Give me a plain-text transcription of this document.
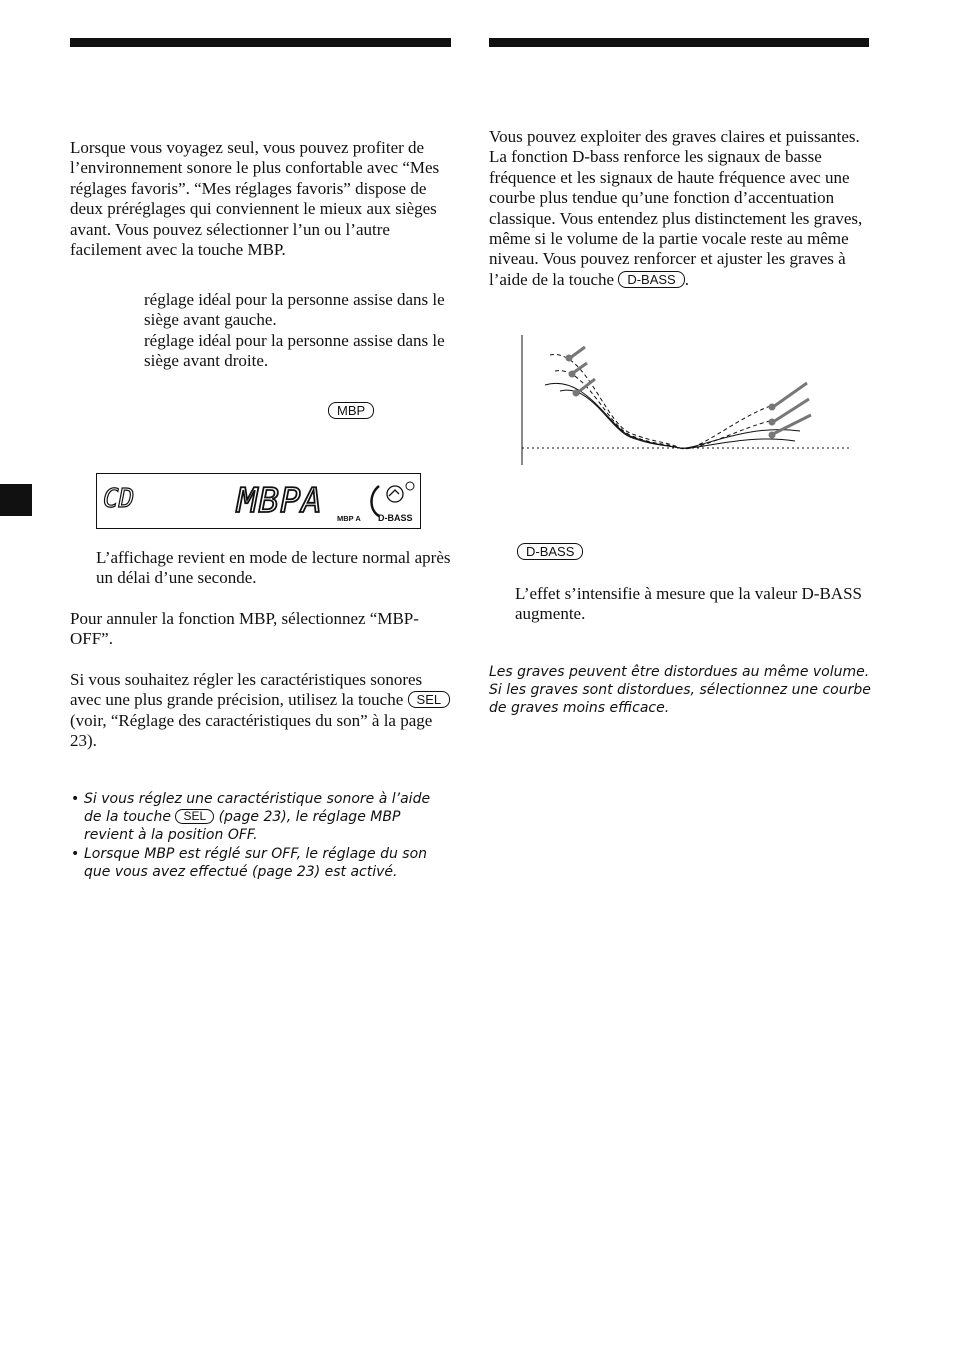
Lorsque vous voyagez seul, vous pouvez profiter de l’environnement sonore le plus confortable avec “Mes réglages favoris”. “Mes réglages favoris” dispose de deux préréglages qui conviennent le mieux aux sièges avant. Vous pouvez sélectionner l’un ou l’autre facilement avec la touche MBP.

réglage idéal pour la personne assise dans le siège avant gauche.

réglage idéal pour la personne assise dans le siège avant droite.

MBP
CD	MBPA MBP A D-BASS

L’affichage revient en mode de lecture normal après un délai d’une seconde.

Pour annuler la fonction MBP, sélectionnez “MBP-OFF”.

Si vous souhaitez régler les caractéristiques sonores avec une plus grande précision, utilisez la touche SEL (voir, “Réglage des caractéristiques du son” à la page 23).

• Si vous réglez une caractéristique sonore à l’aide de la touche SEL (page 23), le réglage MBP revient à la position OFF.

• Lorsque MBP est réglé sur OFF, le réglage du son que vous avez effectué (page 23) est activé.

Vous pouvez exploiter des graves claires et puissantes. La fonction D-bass renforce les signaux de basse fréquence et les signaux de haute fréquence avec une courbe plus tendue qu’une fonction d’accentuation classique. Vous entendez plus distinctement les graves, même si le volume de la partie vocale reste au même niveau. Vous pouvez renforcer et ajuster les graves à l’aide de la touche D-BASS .

D-BASS

L’effet s’intensifie à mesure que la valeur D-BASS augmente.

Les graves peuvent être distordues au même volume. Si les graves sont distordues, sélectionnez une courbe de graves moins efficace.
